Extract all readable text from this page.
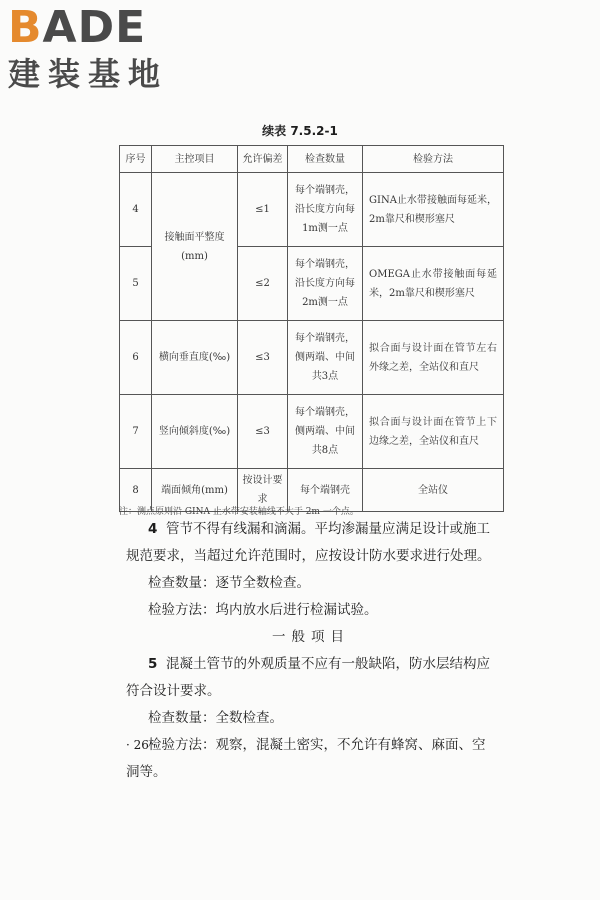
BADE
建装基地
续表 7.5.2-1
序号	主控项目	允许偏差	检查数量	检验方法
4	接触面平整度(mm)	≤1	每个端钢壳，沿长度方向每1m测一点	GINA止水带接触面每延米，2m靠尺和楔形塞尺
5		≤2	每个端钢壳，沿长度方向每2m测一点	OMEGA止水带接触面每延米，2m靠尺和楔形塞尺
6	横向垂直度(‰)	≤3	每个端钢壳，侧两端、中间共3点	拟合面与设计面在管节左右外缘之差，全站仪和直尺
7	竖向倾斜度(‰)	≤3	每个端钢壳，侧两端、中间共8点	拟合面与设计面在管节上下边缘之差，全站仪和直尺
8	端面倾角(mm)	按设计要求	每个端钢壳	全站仪
注：测点原则沿 GINA 止水带安装轴线不大于 2m 一个点。
4 管节不得有线漏和滴漏。平均渗漏量应满足设计或施工规范要求，当超过允许范围时，应按设计防水要求进行处理。
检查数量：逐节全数检查。
检验方法：坞内放水后进行检漏试验。
一般项目
5 混凝土管节的外观质量不应有一般缺陷，防水层结构应符合设计要求。
检查数量：全数检查。
检验方法：观察，混凝土密实，不允许有蜂窝、麻面、空洞等。
· 26 ·
